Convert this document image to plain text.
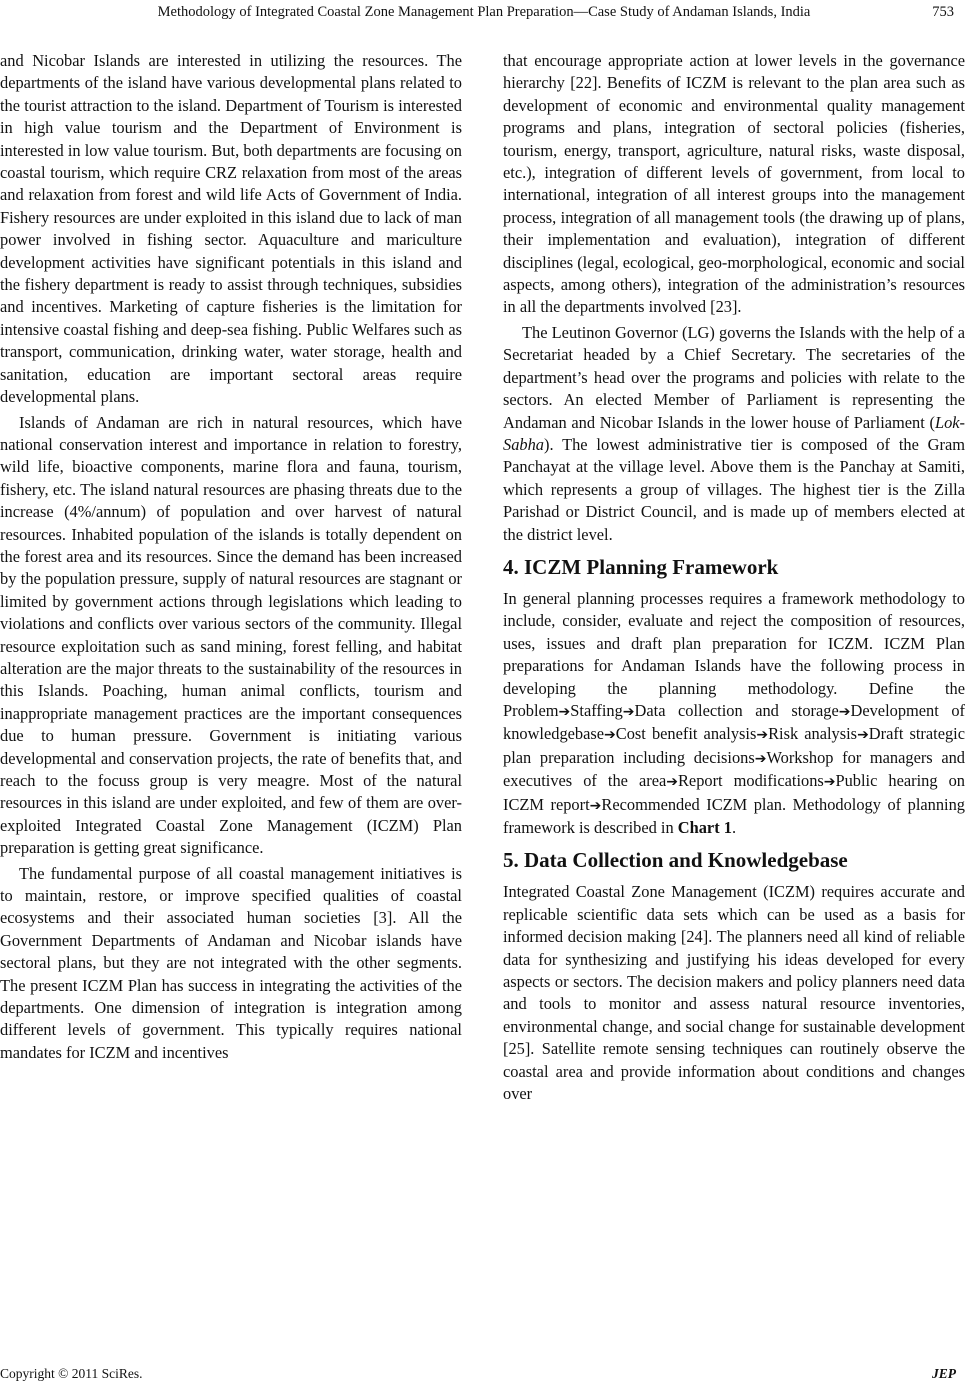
Methodology of Integrated Coastal Zone Management Plan Preparation—Case Study of Andaman Islands, India	753

and Nicobar Islands are interested in utilizing the resources. The departments of the island have various developmental plans related to the tourist attraction to the island. Department of Tourism is interested in high value tourism and the Department of Environment is interested in low value tourism. But, both departments are focusing on coastal tourism, which require CRZ relaxation from most of the areas and relaxation from forest and wild life Acts of Government of India. Fishery resources are under exploited in this island due to lack of man power involved in fishing sector. Aquaculture and mariculture development activities have significant potentials in this island and the fishery department is ready to assist through techniques, subsidies and incentives. Marketing of capture fisheries is the limitation for intensive coastal fishing and deep-sea fishing. Public Welfares such as transport, communication, drinking water, water storage, health and sanitation, education are important sectoral areas require developmental plans.

Islands of Andaman are rich in natural resources, which have national conservation interest and importance in relation to forestry, wild life, bioactive components, marine flora and fauna, tourism, fishery, etc. The island natural resources are phasing threats due to the increase (4%/annum) of population and over harvest of natural resources. Inhabited population of the islands is totally dependent on the forest area and its resources. Since the demand has been increased by the population pressure, supply of natural resources are stagnant or limited by government actions through legislations which leading to violations and conflicts over various sectors of the community. Illegal resource exploitation such as sand mining, forest felling, and habitat alteration are the major threats to the sustainability of the resources in this Islands. Poaching, human animal conflicts, tourism and inappropriate management practices are the important consequences due to human pressure. Government is initiating various developmental and conservation projects, the rate of benefits that, and reach to the focuss group is very meagre. Most of the natural resources in this island are under exploited, and few of them are over-exploited Integrated Coastal Zone Management (ICZM) Plan preparation is getting great significance.

The fundamental purpose of all coastal management initiatives is to maintain, restore, or improve specified qualities of coastal ecosystems and their associated human societies [3]. All the Government Departments of Andaman and Nicobar islands have sectoral plans, but they are not integrated with the other segments. The present ICZM Plan has success in integrating the activities of the departments. One dimension of integration is integration among different levels of government. This typically requires national mandates for ICZM and incentives

that encourage appropriate action at lower levels in the governance hierarchy [22]. Benefits of ICZM is relevant to the plan area such as development of economic and environmental quality management programs and plans, integration of sectoral policies (fisheries, tourism, energy, transport, agriculture, natural risks, waste disposal, etc.), integration of different levels of government, from local to international, integration of all interest groups into the management process, integration of all management tools (the drawing up of plans, their implementation and evaluation), integration of different disciplines (legal, ecological, geo-morphological, economic and social aspects, among others), integration of the administration’s resources in all the departments involved [23].

The Leutinon Governor (LG) governs the Islands with the help of a Secretariat headed by a Chief Secretary. The secretaries of the department’s head over the programs and policies with relate to the sectors. An elected Member of Parliament is representing the Andaman and Nicobar Islands in the lower house of Parliament (Lok-Sabha). The lowest administrative tier is composed of the Gram Panchayat at the village level. Above them is the Panchay at Samiti, which represents a group of villages. The highest tier is the Zilla Parishad or District Council, and is made up of members elected at the district level.

4. ICZM Planning Framework

In general planning processes requires a framework methodology to include, consider, evaluate and reject the composition of resources, uses, issues and draft plan preparation for ICZM. ICZM Plan preparations for Andaman Islands have the following process in developing the planning methodology. Define the Problem➔Staffing➔Data collection and storage➔Development of knowledgebase➔Cost benefit analysis➔Risk analysis➔Draft strategic plan preparation including decisions➔Workshop for managers and executives of the area➔Report modifications➔Public hearing on ICZM report➔Recommended ICZM plan. Methodology of planning framework is described in Chart 1.

5. Data Collection and Knowledgebase

Integrated Coastal Zone Management (ICZM) requires accurate and replicable scientific data sets which can be used as a basis for informed decision making [24]. The planners need all kind of reliable data for synthesizing and justifying his ideas developed for every aspects or sectors. The decision makers and policy planners need data and tools to monitor and assess natural resource inventories, environmental change, and social change for sustainable development [25]. Satellite remote sensing techniques can routinely observe the coastal area and provide information about conditions and changes over

Copyright © 2011 SciRes.	JEP
